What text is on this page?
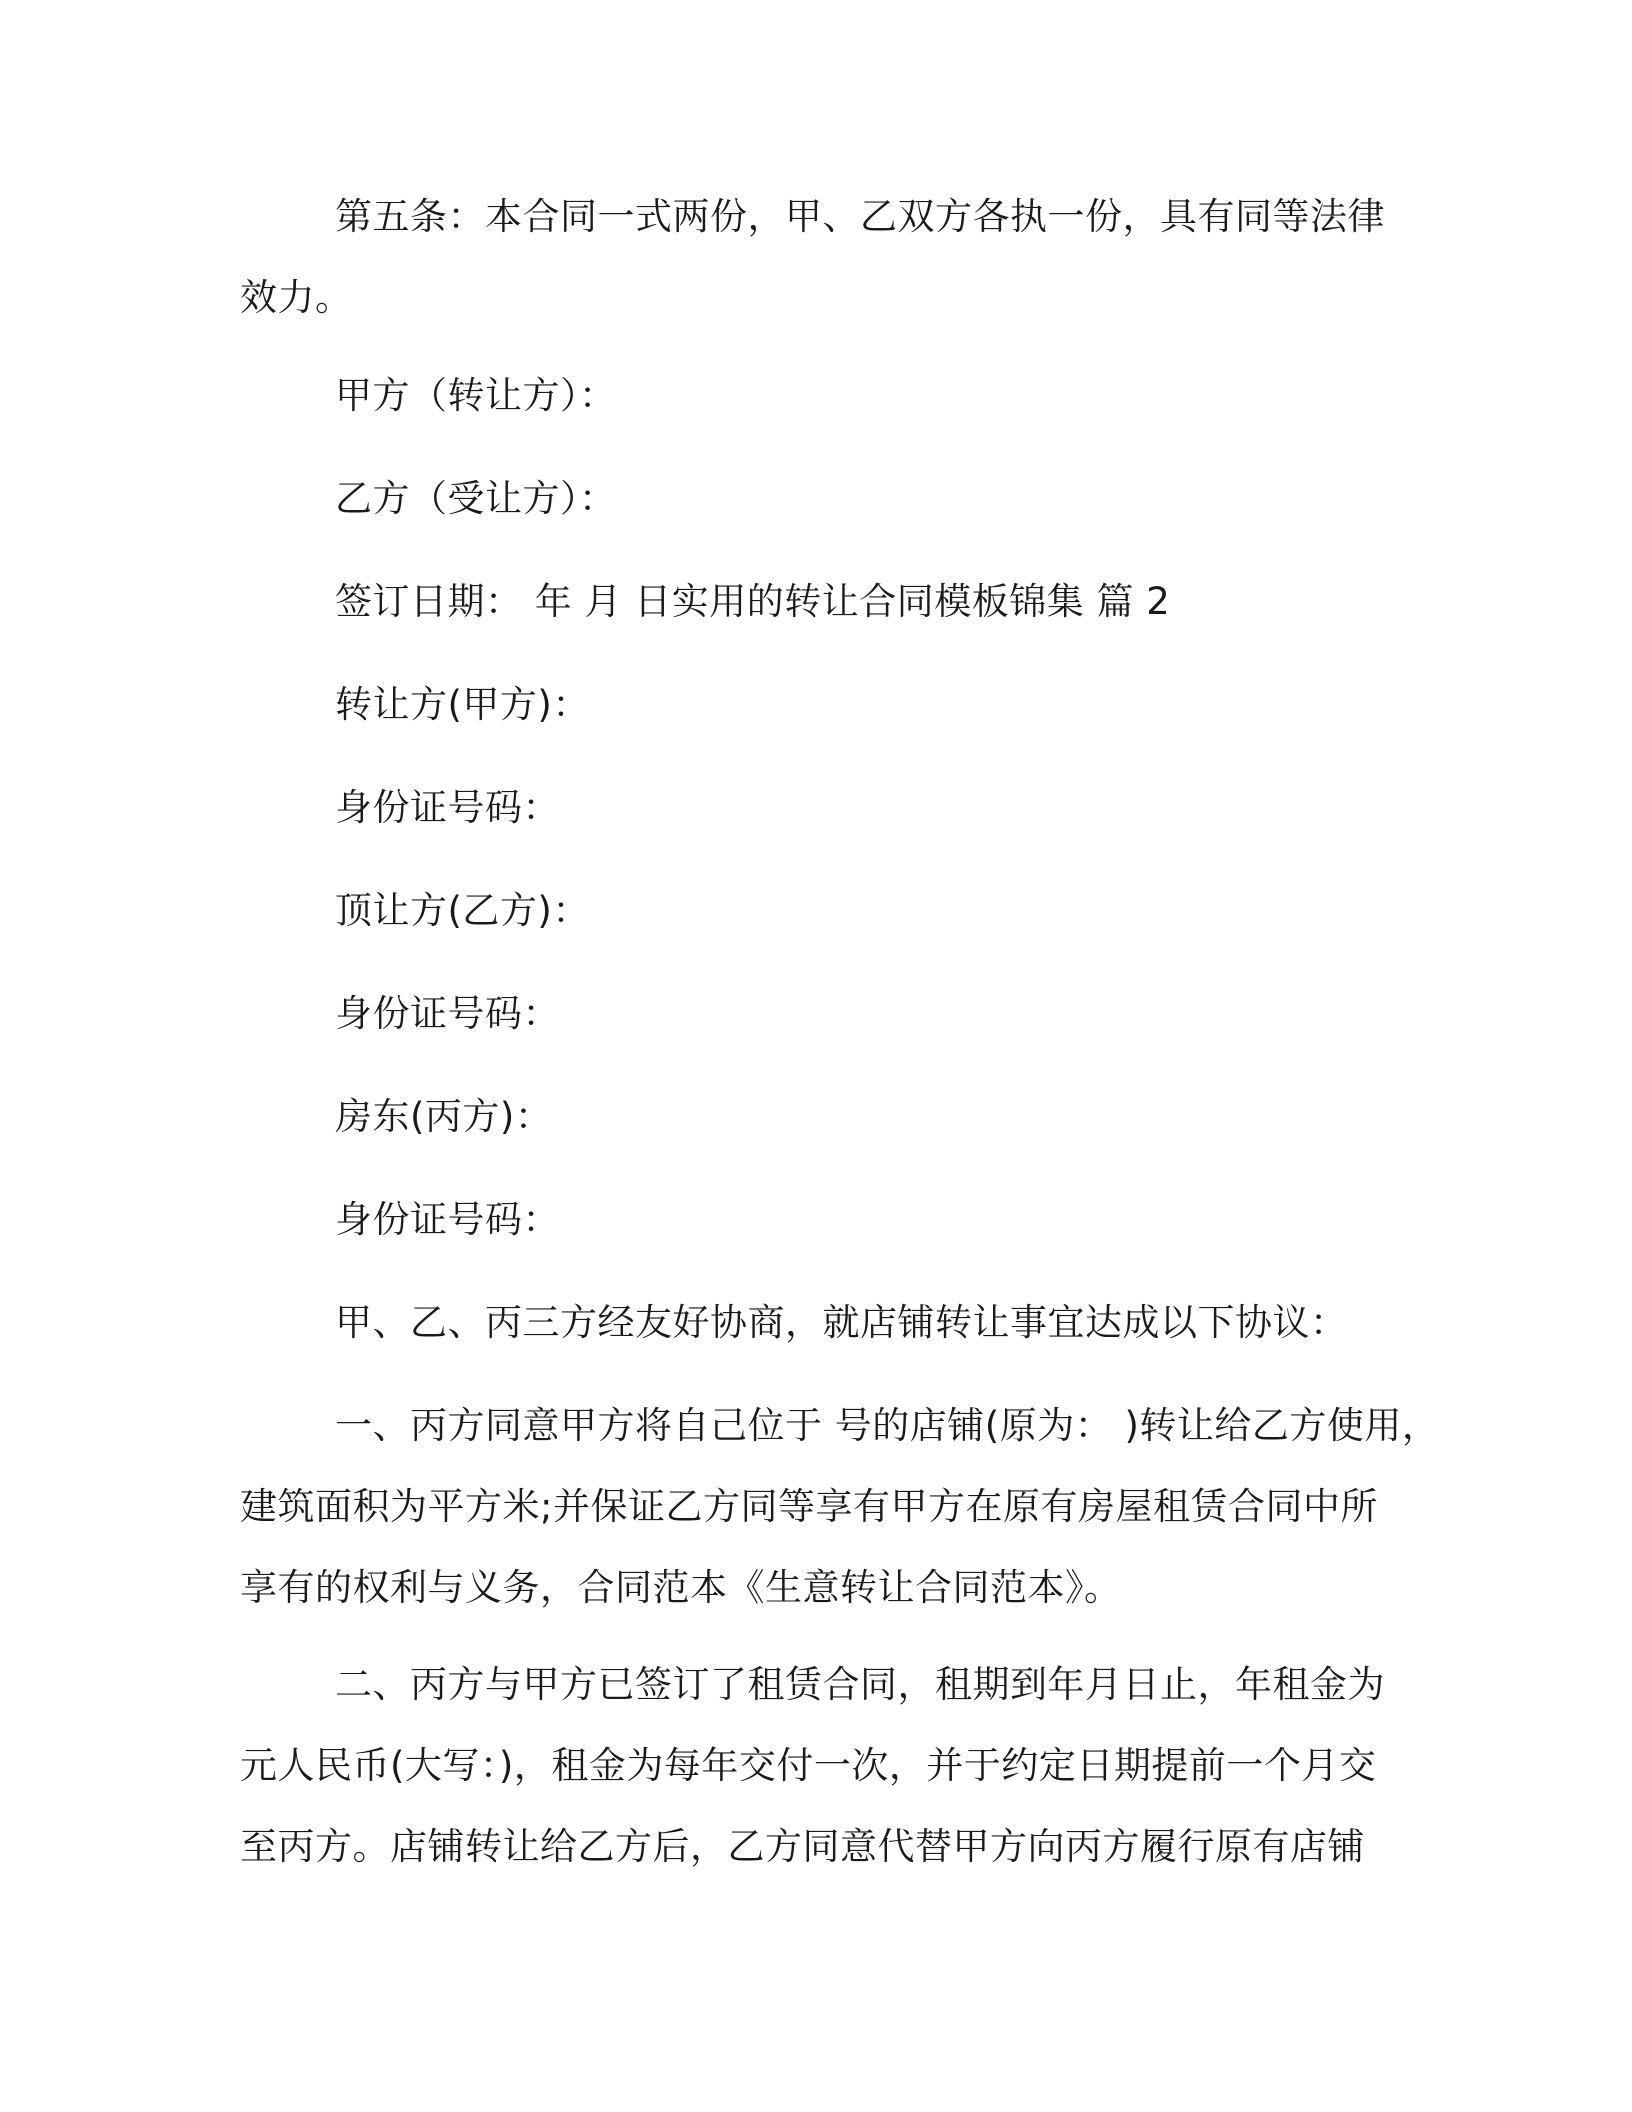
第五条：本合同一式两份，甲、乙双方各执一份，具有同等法律
效力。
甲方（转让方）：
乙方（受让方）：
签订日期： 年 月 日实用的转让合同模板锦集 篇 2
转让方(甲方)：
身份证号码：
顶让方(乙方)：
身份证号码：
房东(丙方)：
身份证号码：
甲、乙、丙三方经友好协商，就店铺转让事宜达成以下协议：
一、丙方同意甲方将自己位于 号的店铺(原为： )转让给乙方使用，
建筑面积为平方米;并保证乙方同等享有甲方在原有房屋租赁合同中所
享有的权利与义务，合同范本《生意转让合同范本》。
二、丙方与甲方已签订了租赁合同，租期到年月日止，年租金为
元人民币(大写：)，租金为每年交付一次，并于约定日期提前一个月交
至丙方。店铺转让给乙方后，乙方同意代替甲方向丙方履行原有店铺
